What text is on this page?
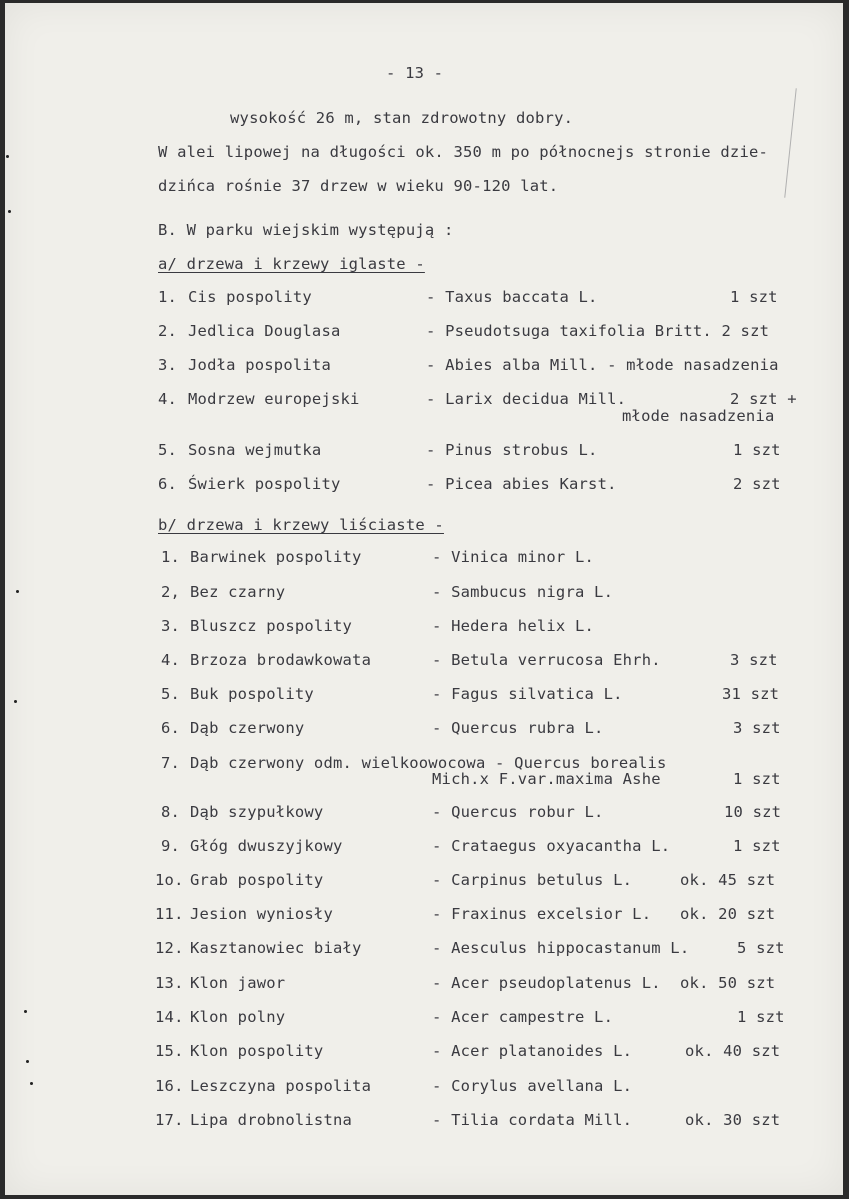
- 13 -
wysokość 26 m, stan zdrowotny dobry.
W alei lipowej na długości ok. 350 m po północnejs stronie dzie-
dzińca rośnie 37 drzew w wieku 90-120 lat.
B. W parku wiejskim występują :
a/ drzewa i krzewy iglaste -
1. Cis pospolity	- Taxus baccata L.	1 szt
2. Jedlica Douglasa	- Pseudotsuga taxifolia Britt. 2 szt
3. Jodła pospolita	- Abies alba Mill. - młode nasadzenia
4. Modrzew europejski	- Larix decidua Mill.	2 szt +
młode nasadzenia
5. Sosna wejmutka	- Pinus strobus L.	1 szt
6. Świerk pospolity	- Picea abies Karst.	2 szt
b/ drzewa i krzewy liściaste -
1. Barwinek pospolity	- Vinica minor L.
2, Bez czarny	- Sambucus nigra L.
3. Bluszcz pospolity	- Hedera helix L.
4. Brzoza brodawkowata	- Betula verrucosa Ehrh.	3 szt
5. Buk pospolity	- Fagus silvatica L.	31 szt
6. Dąb czerwony	- Quercus rubra L.	3 szt
7. Dąb czerwony odm. wielkoowocowa - Quercus borealis
Mich.x F.var.maxima Ashe	1 szt
8. Dąb szypułkowy	- Quercus robur L.	10 szt
9. Głóg dwuszyjkowy	- Crataegus oxyacantha L.	1 szt
1o. Grab pospolity	- Carpinus betulus L.	ok. 45 szt
11. Jesion wyniosły	- Fraxinus excelsior L. ok. 20 szt
12. Kasztanowiec biały	- Aesculus hippocastanum L.	5 szt
13. Klon jawor	- Acer pseudoplatenus L. ok. 50 szt
14. Klon polny	- Acer campestre L.	1 szt
15. Klon pospolity	- Acer platanoides L.	ok. 40 szt
16. Leszczyna pospolita	- Corylus avellana L.
17. Lipa drobnolistna	- Tilia cordata Mill.	ok. 30 szt
